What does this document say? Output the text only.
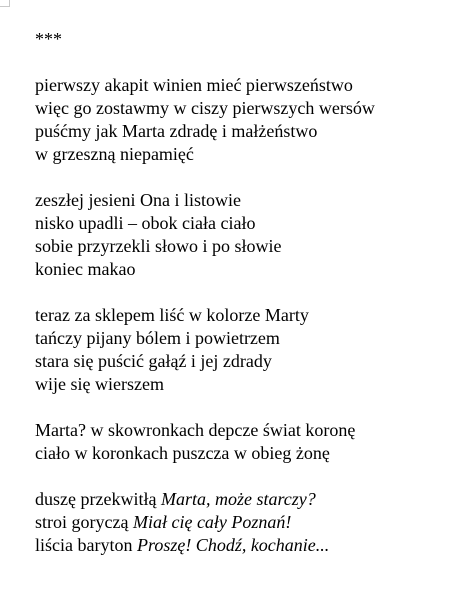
***
pierwszy akapit winien mieć pierwszeństwo
więc go zostawmy w ciszy pierwszych wersów
puśćmy jak Marta zdradę i małżeństwo
w grzeszną niepamięć
zeszłej jesieni Ona i listowie
nisko upadli – obok ciała ciało
sobie przyrzekli słowo i po słowie
koniec makao
teraz za sklepem liść w kolorze Marty
tańczy pijany bólem i powietrzem
stara się puścić gałąź i jej zdrady
wije się wierszem
Marta? w skowronkach depcze świat koronę
ciało w koronkach puszcza w obieg żonę
duszę przekwitłą Marta, może starczy?
stroi goryczą Miał cię cały Poznań!
liścia baryton Proszę! Chodź, kochanie...
